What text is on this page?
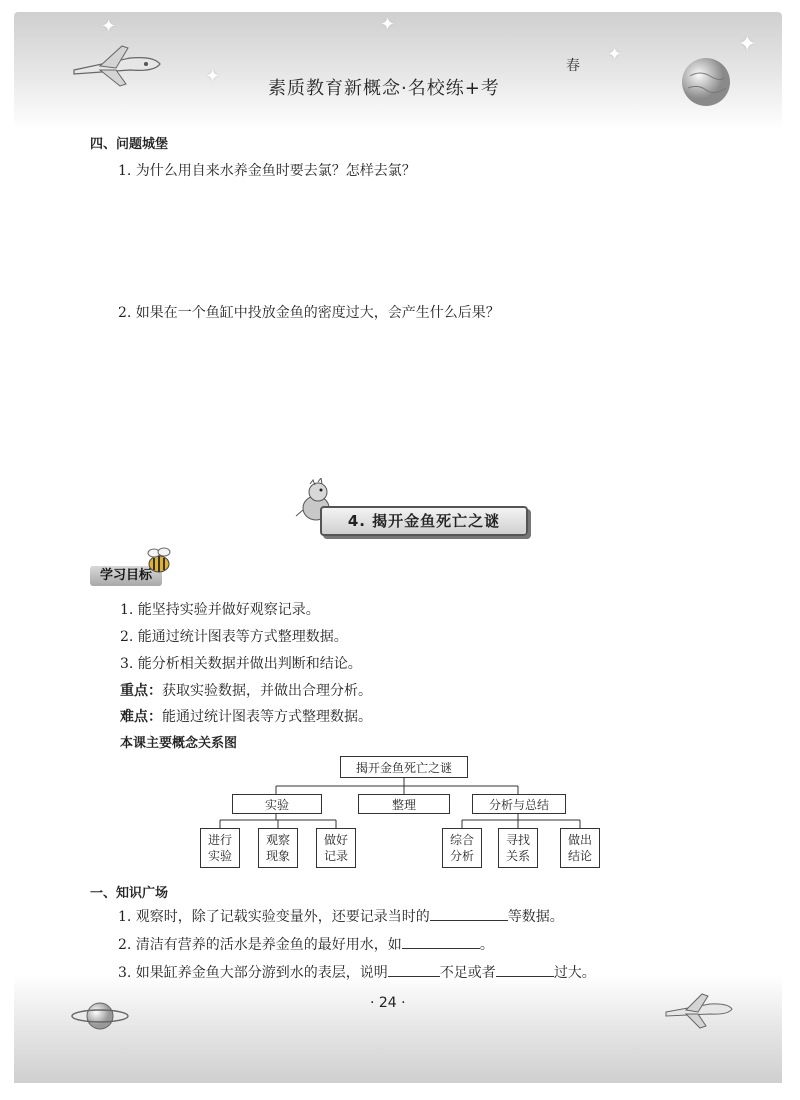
✦	✦
✦
✦	✦
素质教育新概念·名校练+考
春
四、问题城堡
1. 为什么用自来水养金鱼时要去氯？怎样去氯？
2. 如果在一个鱼缸中投放金鱼的密度过大，会产生什么后果？
4. 揭开金鱼死亡之谜
学习目标
1. 能坚持实验并做好观察记录。
2. 能通过统计图表等方式整理数据。
3. 能分析相关数据并做出判断和结论。
重点：获取实验数据，并做出合理分析。
难点：能通过统计图表等方式整理数据。
本课主要概念关系图
揭开金鱼死亡之谜
实验	整理	分析与总结
进行
实验
观察
现象
做好
记录
综合
分析
寻找
关系
做出
结论
一、知识广场
1. 观察时，除了记载实验变量外，还要记录当时的	等数据。
2. 清洁有营养的活水是养金鱼的最好用水，如	。
3. 如果缸养金鱼大部分游到水的表层，说明	不足或者	过大。
· 24 ·
